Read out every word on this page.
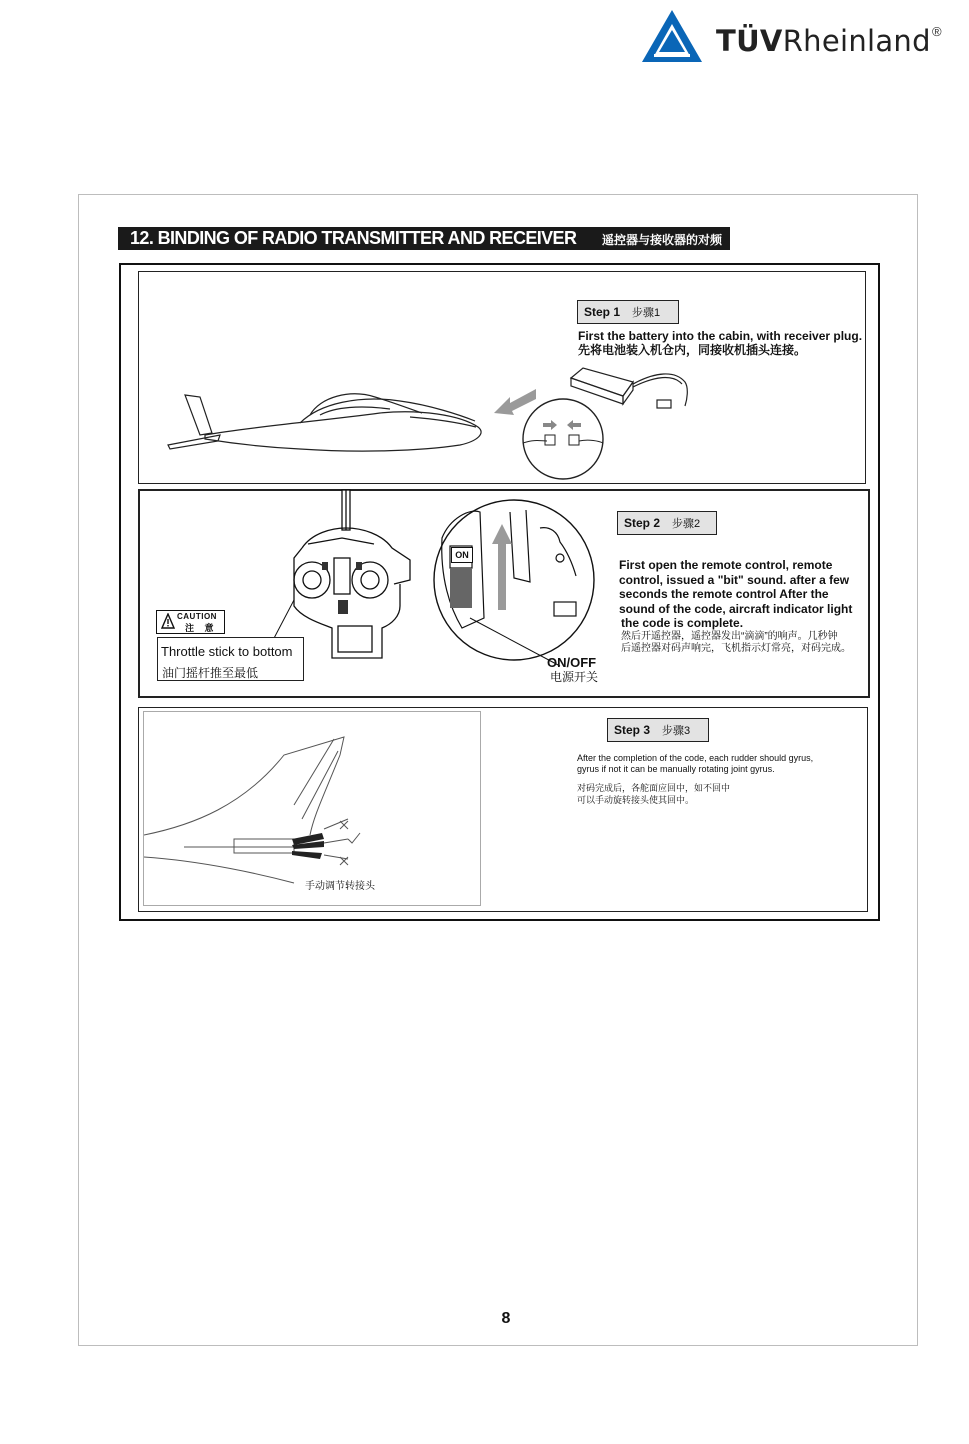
TÜVRheinland ®
12. BINDING OF RADIO TRANSMITTER AND RECEIVER 遥控器与接收器的对频
Step 1 步骤1
First the battery into the cabin, with receiver plug.
先将电池装入机仓内，同接收机插头连接。
ON
CAUTION
注 意
Throttle stick to bottom
油门摇杆推至最低
ON/OFF
电源开关
Step 2 步骤2
First open the remote control, remote
control, issued a "bit" sound. after a few
seconds the remote control After the
sound of the code, aircraft indicator light
the code is complete.
然后开遥控器，遥控器发出“滴滴”的响声。几秒钟
后遥控器对码声响完，飞机指示灯常亮，对码完成。
手动调节转接头
Step 3 步骤3
After the completion of the code, each rudder should gyrus,
gyrus if not it can be manually rotating joint gyrus.
对码完成后，各舵面应回中，如不回中
可以手动旋转接头使其回中。
8
